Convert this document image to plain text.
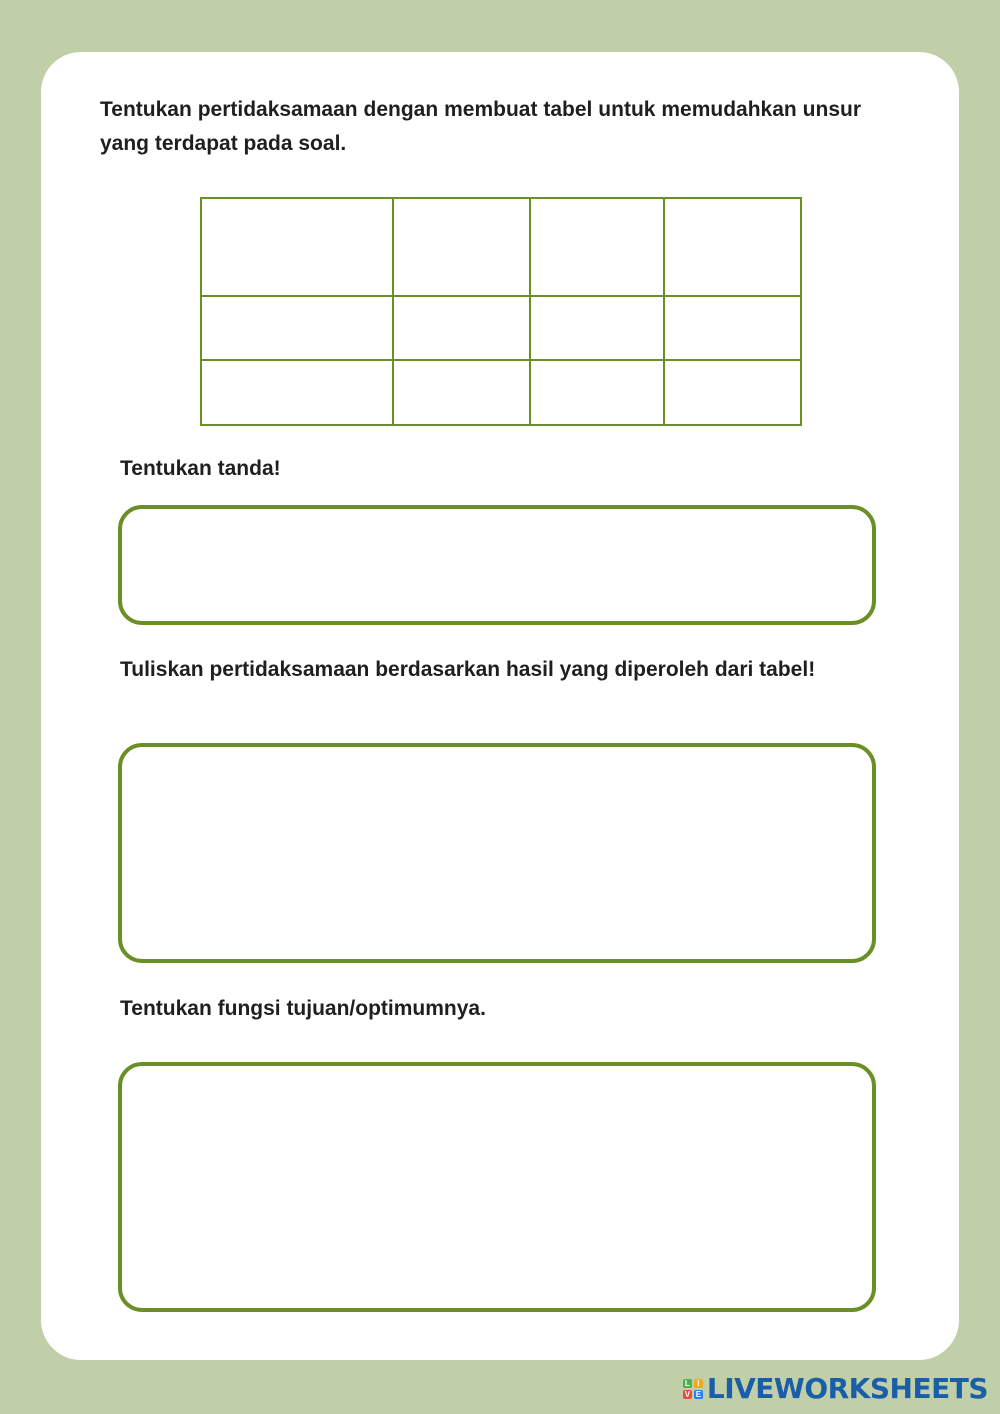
Tentukan pertidaksamaan dengan membuat tabel untuk memudahkan unsur yang terdapat pada soal.

Tentukan tanda!

Tuliskan pertidaksamaan berdasarkan hasil yang diperoleh dari tabel!

Tentukan fungsi tujuan/optimumnya.

L I
V E LIVEWORKSHEETS
